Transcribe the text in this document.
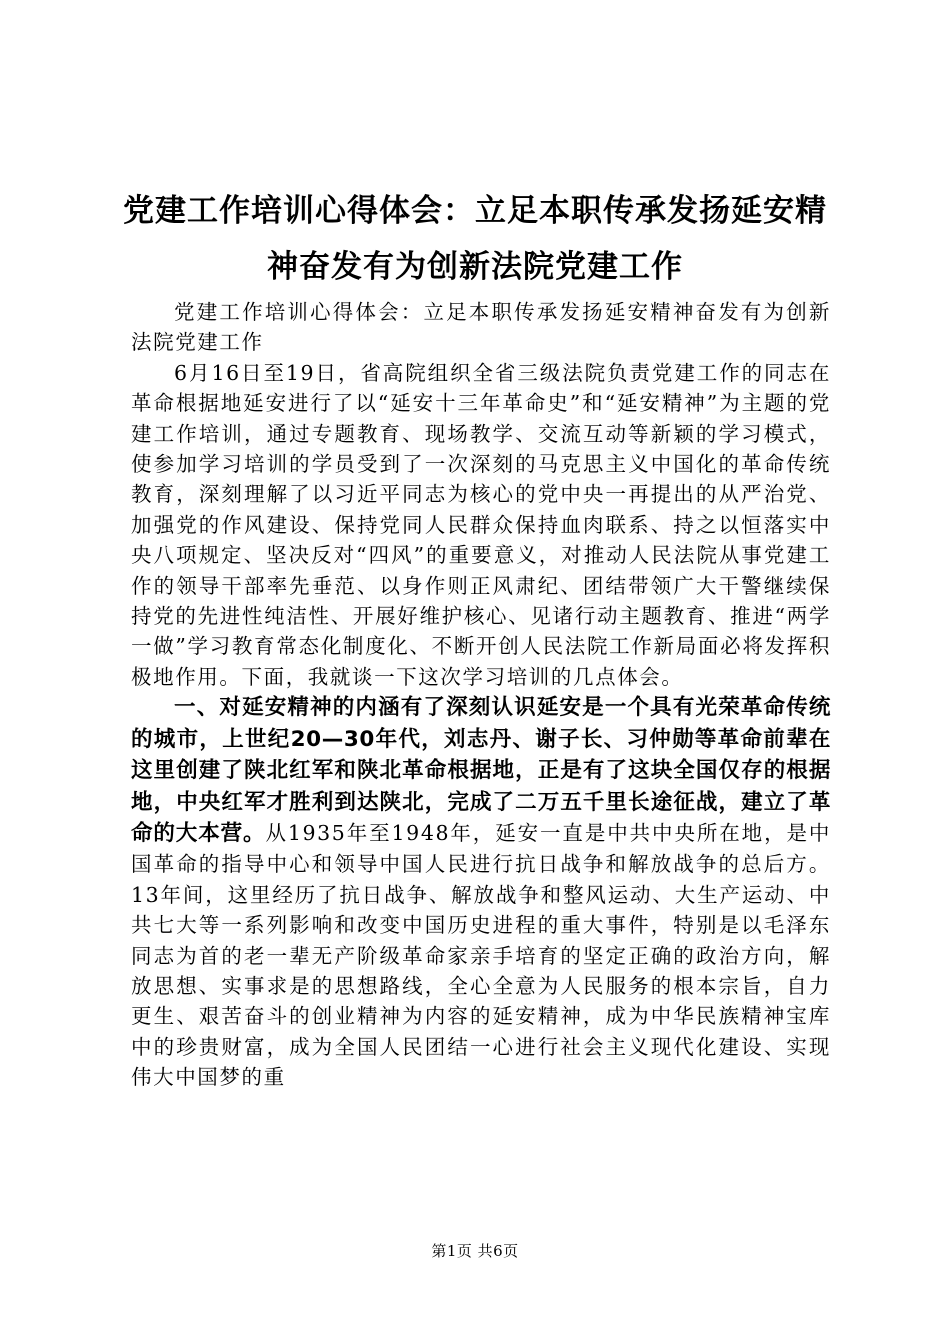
党建工作培训心得体会：立足本职传承发扬延安精神奋发有为创新法院党建工作

党建工作培训心得体会：立足本职传承发扬延安精神奋发有为创新法院党建工作

6月16日至19日，省高院组织全省三级法院负责党建工作的同志在革命根据地延安进行了以“延安十三年革命史”和“延安精神”为主题的党建工作培训，通过专题教育、现场教学、交流互动等新颖的学习模式，使参加学习培训的学员受到了一次深刻的马克思主义中国化的革命传统教育，深刻理解了以习近平同志为核心的党中央一再提出的从严治党、加强党的作风建设、保持党同人民群众保持血肉联系、持之以恒落实中央八项规定、坚决反对“四风”的重要意义，对推动人民法院从事党建工作的领导干部率先垂范、以身作则正风肃纪、团结带领广大干警继续保持党的先进性纯洁性、开展好维护核心、见诸行动主题教育、推进“两学一做”学习教育常态化制度化、不断开创人民法院工作新局面必将发挥积极地作用。下面，我就谈一下这次学习培训的几点体会。

一、对延安精神的内涵有了深刻认识延安是一个具有光荣革命传统的城市，上世纪20—30年代，刘志丹、谢子长、习仲勋等革命前辈在这里创建了陕北红军和陕北革命根据地，正是有了这块全国仅存的根据地，中央红军才胜利到达陕北，完成了二万五千里长途征战，建立了革命的大本营。从1935年至1948年，延安一直是中共中央所在地，是中国革命的指导中心和领导中国人民进行抗日战争和解放战争的总后方。13年间，这里经历了抗日战争、解放战争和整风运动、大生产运动、中共七大等一系列影响和改变中国历史进程的重大事件，特别是以毛泽东同志为首的老一辈无产阶级革命家亲手培育的坚定正确的政治方向，解放思想、实事求是的思想路线，全心全意为人民服务的根本宗旨，自力更生、艰苦奋斗的创业精神为内容的延安精神，成为中华民族精神宝库中的珍贵财富，成为全国人民团结一心进行社会主义现代化建设、实现伟大中国梦的重

第1页 共6页
